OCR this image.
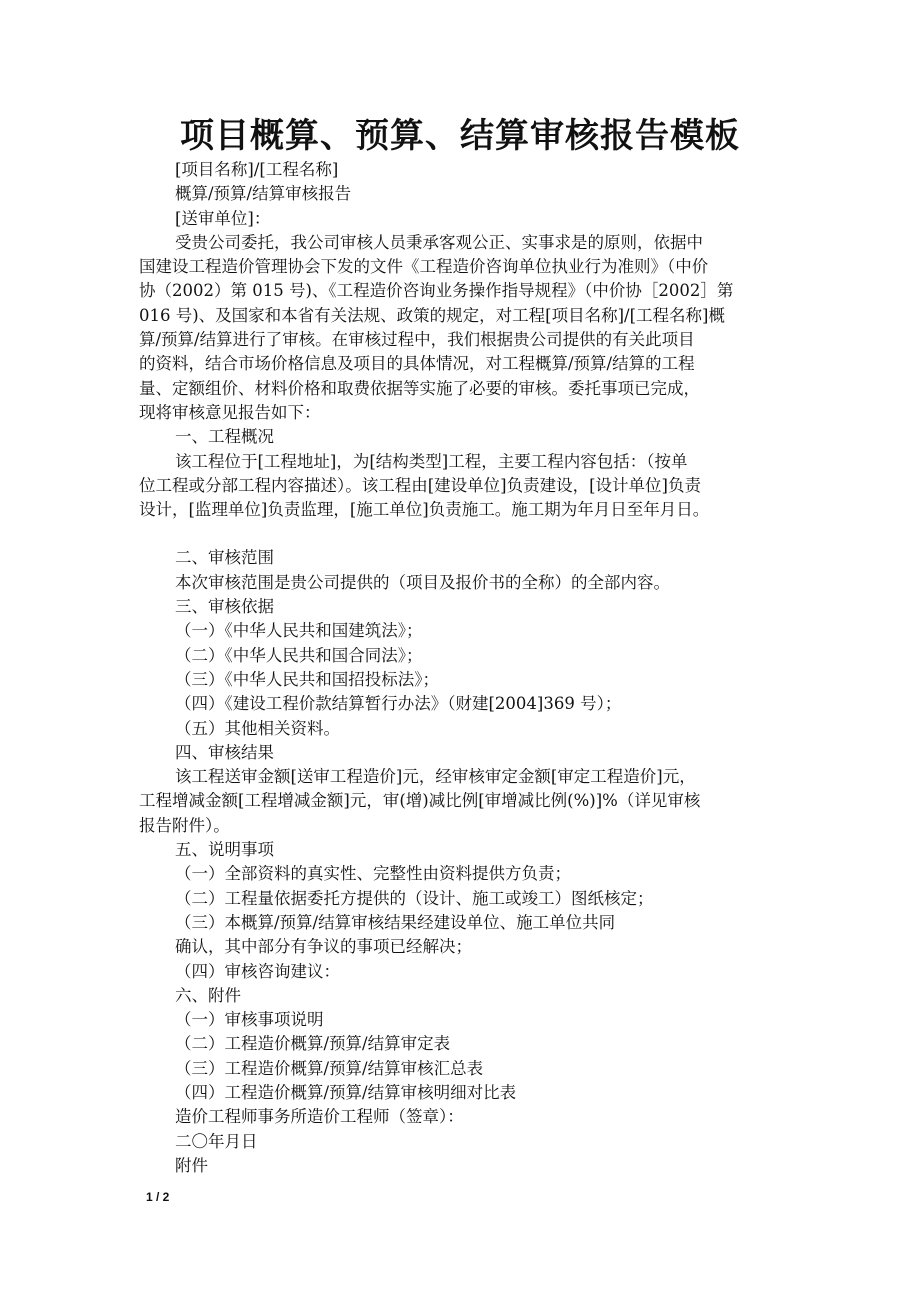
项目概算、预算、结算审核报告模板

[项目名称]/[工程名称]

概算/预算/结算审核报告

[送审单位]：

受贵公司委托，我公司审核人员秉承客观公正、实事求是的原则，依据中

国建设工程造价管理协会下发的文件《工程造价咨询单位执业行为准则》（中价

协（2002）第 015 号)、《工程造价咨询业务操作指导规程》（中价协［2002］第

016 号)、及国家和本省有关法规、政策的规定，对工程[项目名称]/[工程名称]概

算/预算/结算进行了审核。在审核过程中，我们根据贵公司提供的有关此项目

的资料，结合市场价格信息及项目的具体情况，对工程概算/预算/结算的工程

量、定额组价、材料价格和取费依据等实施了必要的审核。委托事项已完成，

现将审核意见报告如下：

一、工程概况

该工程位于[工程地址]，为[结构类型]工程，主要工程内容包括：（按单

位工程或分部工程内容描述）。该工程由[建设单位]负责建设，[设计单位]负责

设计，[监理单位]负责监理，[施工单位]负责施工。施工期为年月日至年月日。

二、审核范围

本次审核范围是贵公司提供的（项目及报价书的全称）的全部内容。

三、审核依据

（一）《中华人民共和国建筑法》；

（二）《中华人民共和国合同法》；

（三）《中华人民共和国招投标法》；

（四）《建设工程价款结算暂行办法》（财建[2004]369 号）；

（五）其他相关资料。

四、审核结果

该工程送审金额[送审工程造价]元，经审核审定金额[审定工程造价]元，

工程增减金额[工程增减金额]元，审(增)减比例[审增减比例(%)]%（详见审核

报告附件）。

五、说明事项

（一）全部资料的真实性、完整性由资料提供方负责；

（二）工程量依据委托方提供的（设计、施工或竣工）图纸核定；

（三）本概算/预算/结算审核结果经建设单位、施工单位共同

确认，其中部分有争议的事项已经解决；

（四）审核咨询建议：

六、附件

（一）审核事项说明

（二）工程造价概算/预算/结算审定表

（三）工程造价概算/预算/结算审核汇总表

（四）工程造价概算/预算/结算审核明细对比表

造价工程师事务所造价工程师（签章）：

二〇年月日

附件

1 / 2
